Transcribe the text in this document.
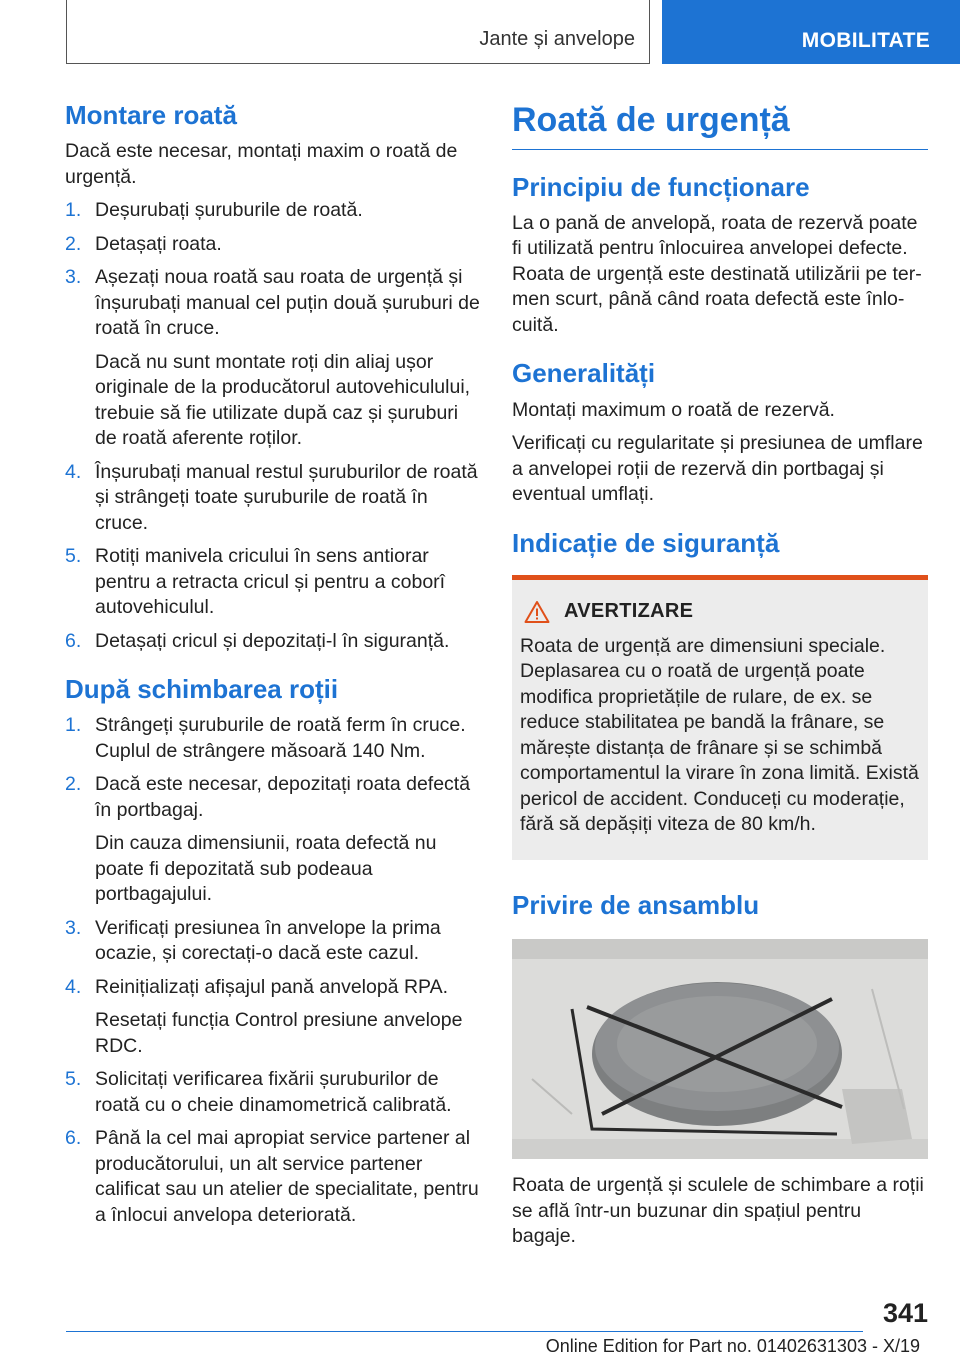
Jante și anvelope	MOBILITATE
Montare roată
Dacă este necesar, montați maxim o roată de urgență.
1. Deșurubați șuruburile de roată.
2. Detașați roata.
3. Așezați noua roată sau roata de urgență și înșurubați manual cel puțin două șuruburi de roată în cruce.
Dacă nu sunt montate roți din aliaj ușor originale de la producătorul autovehiculului, trebuie să fie utilizate după caz și șuruburi de roată aferente roților.
4. Înșurubați manual restul șuruburilor de roată și strângeți toate șuruburile de roată în cruce.
5. Rotiți manivela cricului în sens antiorar pentru a retracta cricul și pentru a coborî autovehiculul.
6. Detașați cricul și depozitați-l în siguranță.
După schimbarea roții
1. Strângeți șuruburile de roată ferm în cruce. Cuplul de strângere măsoară 140 Nm.
2. Dacă este necesar, depozitați roata defectă în portbagaj.
Din cauza dimensiunii, roata defectă nu poate fi depozitată sub podeaua portbagajului.
3. Verificați presiunea în anvelope la prima ocazie, și corectați-o dacă este cazul.
4. Reinițializați afișajul pană anvelopă RPA.
Resetați funcția Control presiune anvelope RDC.
5. Solicitați verificarea fixării șuruburilor de roată cu o cheie dinamometrică calibrată.
6. Până la cel mai apropiat service partener al producătorului, un alt service partener calificat sau un atelier de specialitate, pentru a înlocui anvelopa deteriorată.
Roată de urgență
Principiu de funcționare
La o pană de anvelopă, roata de rezervă poate fi utilizată pentru înlocuirea anvelopei defecte. Roata de urgență este destinată utilizării pe termen scurt, până când roata defectă este înlocuită.
Generalități
Montați maximum o roată de rezervă.
Verificați cu regularitate și presiunea de umflare a anvelopei roții de rezervă din portbagaj și eventual umflați.
Indicație de siguranță
AVERTIZARE
Roata de urgență are dimensiuni speciale. Deplasarea cu o roată de urgență poate modifica proprietățile de rulare, de ex. se reduce stabilitatea pe bandă la frânare, se mărește distanța de frânare și se schimbă comportamentul la virare în zona limită. Există pericol de accident. Conduceți cu moderație, fără să depășiți viteza de 80 km/h.
Privire de ansamblu
Roata de urgență și sculele de schimbare a roții se află într-un buzunar din spațiul pentru bagaje.
341
Online Edition for Part no. 01402631303 - X/19
